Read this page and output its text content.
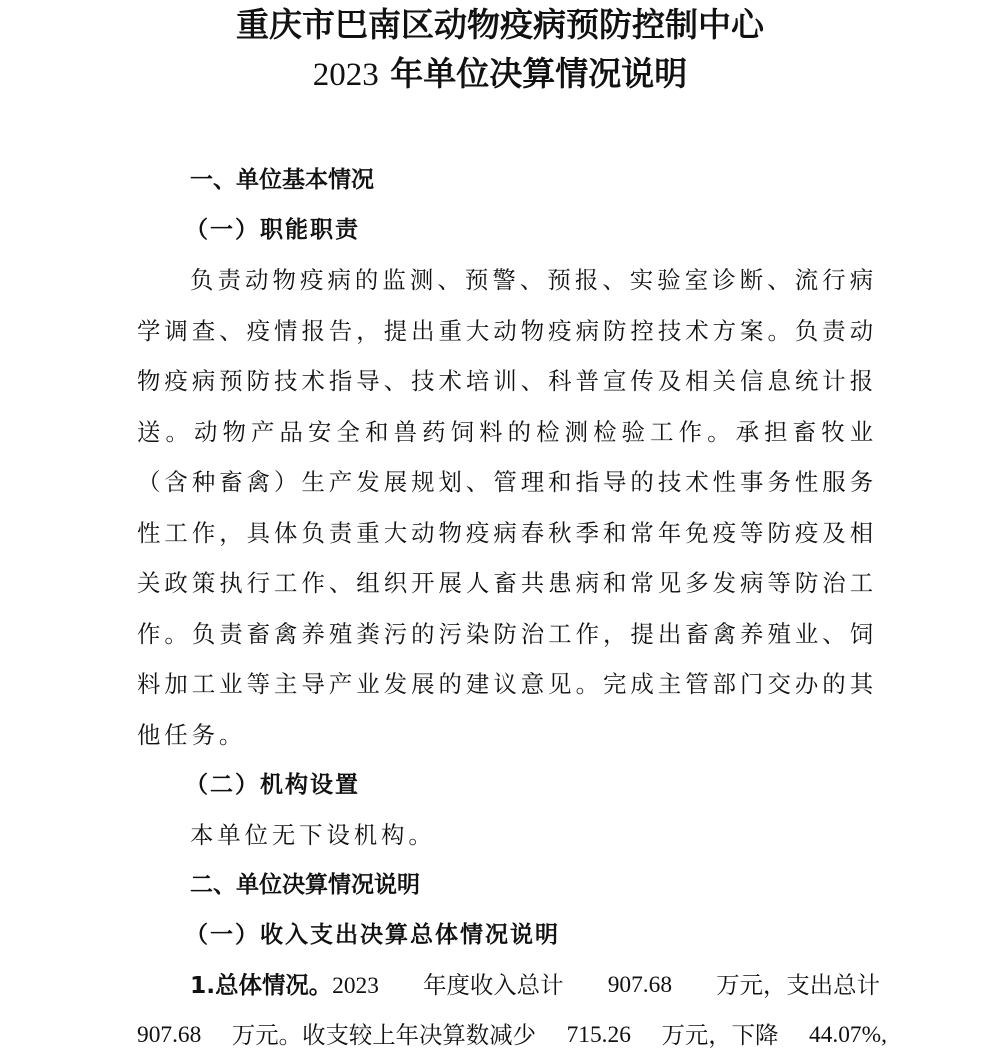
重庆市巴南区动物疫病预防控制中心
2023 年单位决算情况说明
一、单位基本情况
（一）职能职责
负责动物疫病的监测、预警、预报、实验室诊断、流行病学调查、疫情报告，提出重大动物疫病防控技术方案。负责动物疫病预防技术指导、技术培训、科普宣传及相关信息统计报送。动物产品安全和兽药饲料的检测检验工作。承担畜牧业（含种畜禽）生产发展规划、管理和指导的技术性事务性服务性工作，具体负责重大动物疫病春秋季和常年免疫等防疫及相关政策执行工作、组织开展人畜共患病和常见多发病等防治工作。负责畜禽养殖粪污的污染防治工作，提出畜禽养殖业、饲料加工业等主导产业发展的建议意见。完成主管部门交办的其他任务。
（二）机构设置
本单位无下设机构。
二、单位决算情况说明
（一）收入支出决算总体情况说明
1.总体情况。2023 年度收入总计 907.68 万元，支出总计
907.68 万元。收支较上年决算数减少 715.26 万元，下降 44.07%,
